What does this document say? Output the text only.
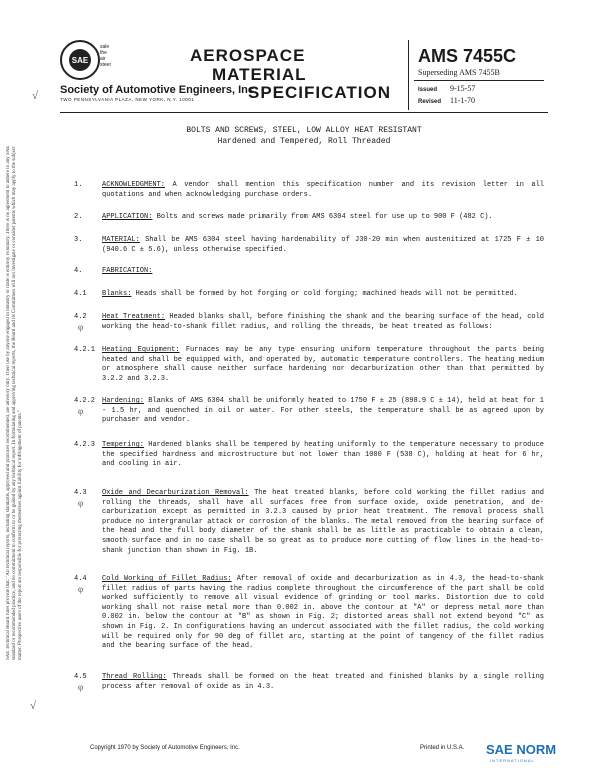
SAE
sale
the
air
steer	AEROSPACE
MATERIAL
SPECIFICATION
Society of Automotive Engineers, Inc.
TWO PENNSYLVANIA PLAZA, NEW YORK, N.Y. 10001
AMS 7455C
Superseding AMS 7455B
Issued 9-15-57
Revised 11-1-70
BOLTS AND SCREWS, STEEL, LOW ALLOY HEAT RESISTANT
Hardened and Tempered, Roll Threaded
√
SAE Technical Board rules provide that: "All technical reports, including standards, approved and practices recommended, are advisory only. Their use by anyone engaged in industry or trade is entirely voluntary. There is no agreement to adhere to any SAE standard or recommended practice, and no commitment to conform to or be guided by any technical report. In formulating and approving technical reports, the Board and its Committees will not investigate or consider patents which may apply to the subject matter. Prospective users of the report are responsible for protecting themselves against liability for infringement of patents."
√
1.	ACKNOWLEDGMENT: A vendor shall mention this specification number and its revision letter in all quotations and when acknowledging purchase orders.
2.	APPLICATION: Bolts and screws made primarily from AMS 6304 steel for use up to 900 F (482 C).
3.	MATERIAL: Shall be AMS 6304 steel having hardenability of J30-20 min when austenitized at 1725 F ± 10 (940.6 C ± 5.6), unless otherwise specified.
4.	FABRICATION:
4.1 Blanks: Heads shall be formed by hot forging or cold forging; machined heads will not be permitted.
4.2 Heat Treatment: Headed blanks shall, before finishing the shank and the bearing surface of the head, cold working the head-to-shank fillet radius, and rolling the threads, be heat treated as follows:
φ
4.2.1 Heating Equipment: Furnaces may be any type ensuring uniform temperature throughout the parts being heated and shall be equipped with, and operated by, automatic temperature controllers. The heating medium or atmosphere shall cause neither surface hardening nor decarburization other than that permitted by 3.2.2 and 3.2.3.
4.2.2 Hardening: Blanks of AMS 6304 shall be uniformly heated to 1750 F ± 25 (898.9 C ± 14), held at heat for 1 - 1.5 hr, and quenched in oil or water. For other steels, the temperature shall be as agreed upon by purchaser and vendor.
φ
4.2.3 Tempering: Hardened blanks shall be tempered by heating uniformly to the temperature necessary to produce the specified hardness and microstructure but not lower than 1000 F (538 C), holding at heat for 6 hr, and cooling in air.
4.3 Oxide and Decarburization Removal: The heat treated blanks, before cold working the fillet radius and rolling the threads, shall have all surfaces free from surface oxide, oxide penetration, and de-carburization except as permitted in 3.2.3 caused by prior heat treatment. The removal process shall produce no intergranular attack or corrosion of the blanks. The metal removed from the bearing surface of the head and the full body diameter of the shank shall be as little as practicable to obtain a clean, smooth surface and in no case shall be so great as to produce more cutting of flow lines in the head-to-shank junction than shown in Fig. 1B.
φ
4.4 Cold Working of Fillet Radius: After removal of oxide and decarburization as in 4.3, the head-to-shank fillet radius of parts having the radius complete throughout the circumference of the part shall be cold worked sufficiently to remove all visual evidence of grinding or tool marks. Distortion due to cold working shall not raise metal more than 0.002 in. above the contour at "A" or depress metal more than 0.002 in. below the contour at "B" as shown in Fig. 2; distorted areas shall not extend beyond "C" as shown in Fig. 2. In configurations having an undercut associated with the fillet radius, the cold working will be required only for 90 deg of fillet arc, starting at the point of tangency of the fillet radius and the bearing surface of the head.
φ
4.5 Thread Rolling: Threads shall be formed on the heat treated and finished blanks by a single rolling process after removal of oxide as in 4.3.
φ
Copyright 1970 by Society of Automotive Engineers, Inc.	Printed in U.S.A. SAE NORM
INTERNATIONAL
